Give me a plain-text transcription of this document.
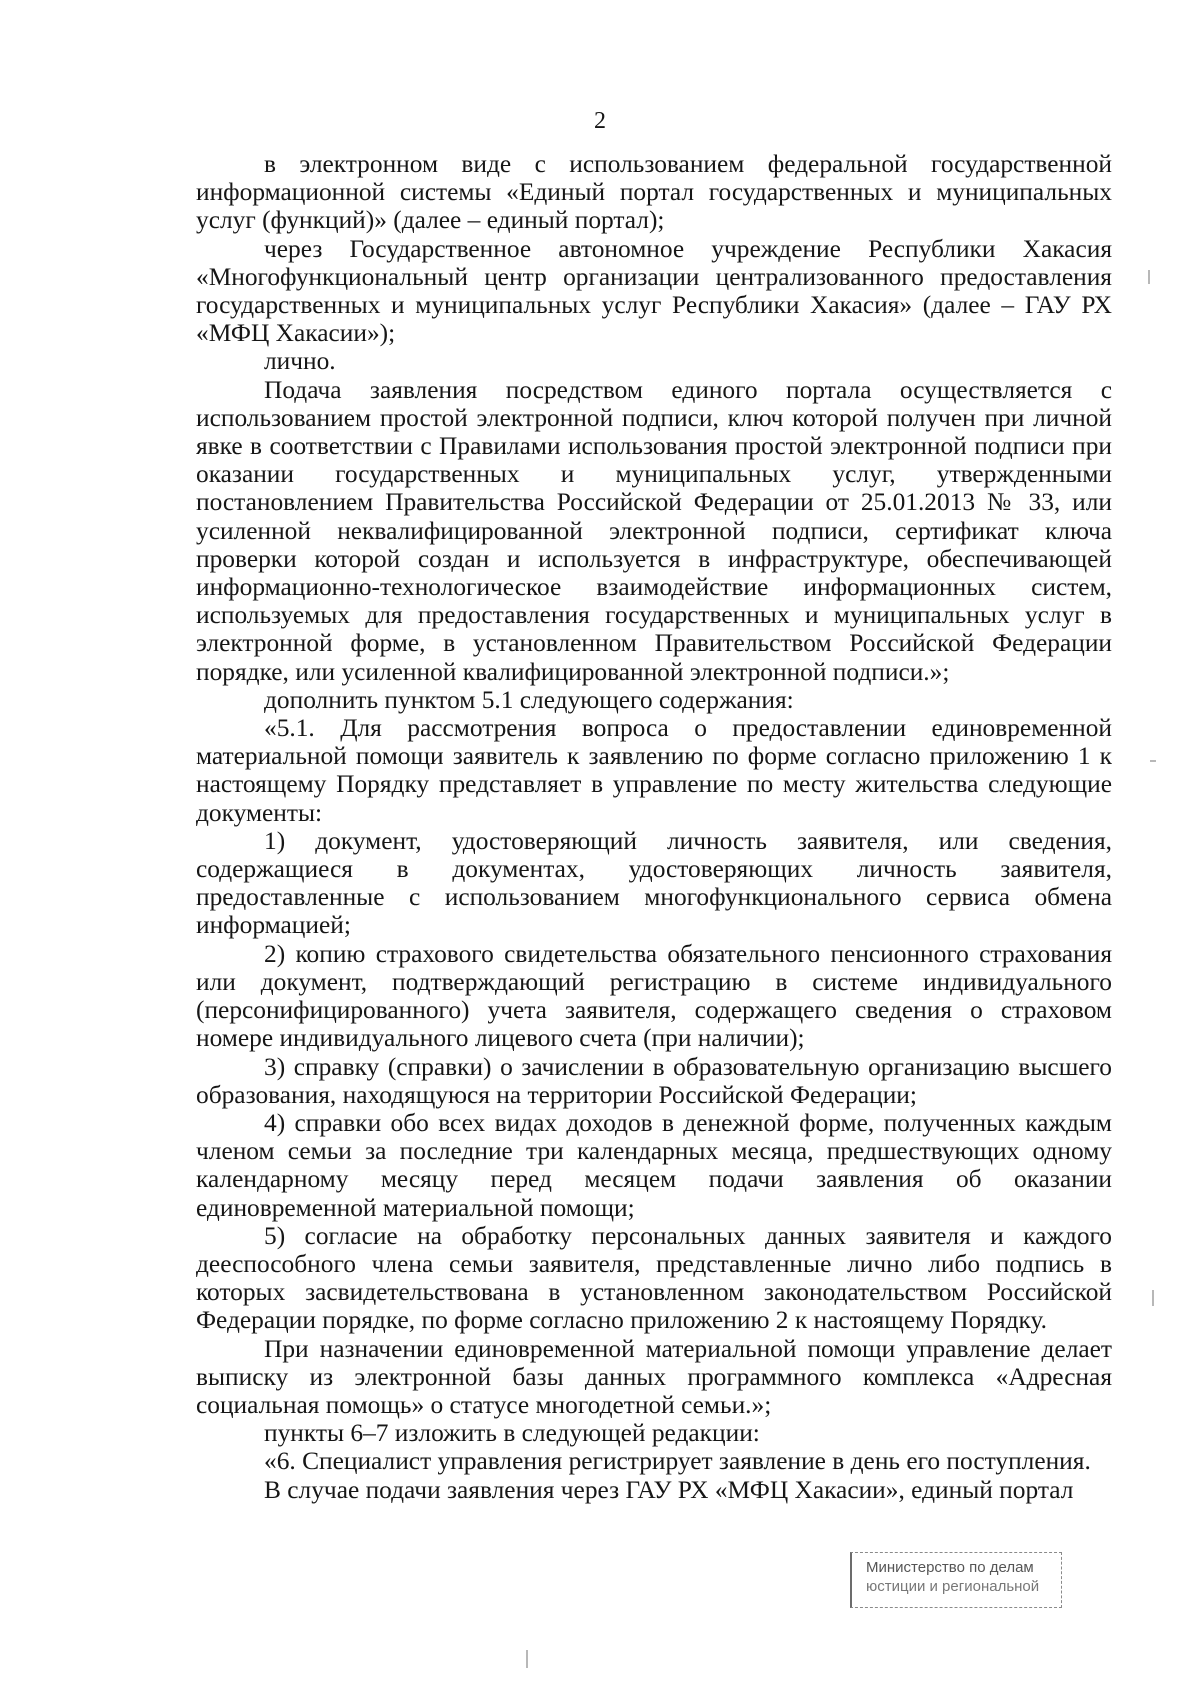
2

в электронном виде с использованием федеральной государственной информационной системы «Единый портал государственных и муниципальных услуг (функций)» (далее – единый портал);

через Государственное автономное учреждение Республики Хакасия «Многофункциональный центр организации централизованного предоставления государственных и муниципальных услуг Республики Хакасия» (далее – ГАУ РХ «МФЦ Хакасии»);

лично.

Подача заявления посредством единого портала осуществляется с использованием простой электронной подписи, ключ которой получен при личной явке в соответствии с Правилами использования простой электронной подписи при оказании государственных и муниципальных услуг, утвержденными постановлением Правительства Российской Федерации от 25.01.2013 № 33, или усиленной неквалифицированной электронной подписи, сертификат ключа проверки которой создан и используется в инфраструктуре, обеспечивающей информационно-технологическое взаимодействие информационных систем, используемых для предоставления государственных и муниципальных услуг в электронной форме, в установленном Правительством Российской Федерации порядке, или усиленной квалифицированной электронной подписи.»;

дополнить пунктом 5.1 следующего содержания:

«5.1. Для рассмотрения вопроса о предоставлении единовременной материальной помощи заявитель к заявлению по форме согласно приложению 1 к настоящему Порядку представляет в управление по месту жительства следующие документы:

1) документ, удостоверяющий личность заявителя, или сведения, содержащиеся в документах, удостоверяющих личность заявителя, предоставленные с использованием многофункционального сервиса обмена информацией;

2) копию страхового свидетельства обязательного пенсионного страхования или документ, подтверждающий регистрацию в системе индивидуального (персонифицированного) учета заявителя, содержащего сведения о страховом номере индивидуального лицевого счета (при наличии);

3) справку (справки) о зачислении в образовательную организацию высшего образования, находящуюся на территории Российской Федерации;

4) справки обо всех видах доходов в денежной форме, полученных каждым членом семьи за последние три календарных месяца, предшествующих одному календарному месяцу перед месяцем подачи заявления об оказании единовременной материальной помощи;

5) согласие на обработку персональных данных заявителя и каждого дееспособного члена семьи заявителя, представленные лично либо подпись в которых засвидетельствована в установленном законодательством Российской Федерации порядке, по форме согласно приложению 2 к настоящему Порядку.

При назначении единовременной материальной помощи управление делает выписку из электронной базы данных программного комплекса «Адресная социальная помощь» о статусе многодетной семьи.»;

пункты 6–7 изложить в следующей редакции:

«6. Специалист управления регистрирует заявление в день его поступления.

В случае подачи заявления через ГАУ РХ «МФЦ Хакасии», единый портал

Министерство по делам
юстиции и региональной
